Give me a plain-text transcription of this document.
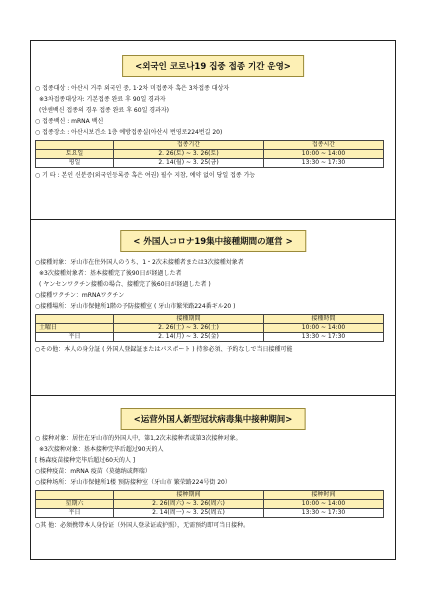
<외국인 코로나19 집중 접종 기간 운영>
○ 접종대상 : 아산시 거주 외국인 중, 1·2차 미접종자 혹은 3차접종 대상자
※3차접종대상자: 기본접종 완료 후 90일 경과자
(얀센백신 접종의 경우 접종 완료 후 60일 경과자)
○ 접종백신 : mRNA 백신
○ 접종장소 : 아산시보건소 1층 예방접종실(아산시 번영로224번길 20)
	접종기간	접종시간
토요일	2. 26(토) ~ 3. 26(토)	10:00 ~ 14:00
평일	2. 14(월) ~ 3. 25(금)	13:30 ~ 17:30
○ 기 타 : 본인 신분증(외국인등록증 혹은 여권) 필수 지참, 예약 없이 당일 접종 가능
< 外国人コロナ19集中接種期間の運営 >
○接種対象：牙山市在住外国人のうち、1・2次未接種者または3次接種対象者
※3次接種対象者：基本接種完了後90日が経過した者
( ヤンセンワクチン接種の場合、接種完了後60日が経過した者 )
○接種ワクチン：mRNAワクチン
○接種場所：牙山市保健所1階の予防接種室 ( 牙山市繁栄路224番ギル20 )
	接種期間	接種時間
土曜日	2. 26(土) ~ 3. 26(土)	10:00 ~ 14:00
平日	2. 14(月) ~ 3. 25(金)	13:30 ~ 17:30
○その他：本人の身分証 ( 外国人登録証またはパスポート ) 持参必須、予約なしで当日接種可能
<运营外国人新型冠状病毒集中接种期间>
○ 接种对象：居住在牙山市的外国人中，第1,2次未接种者或第3次接种对象。
※3次接种对象：基本接种完毕后超过90天的人
[ 杨森疫苗接种完毕后超过60天的人 ]
○接种疫苗：mRNA 疫苗（莫德纳或辉瑞）
○接种场所：牙山市保健所1楼 预防接种室（牙山市 繁荣路224号街 20）
	接种期间	接种时间
星期六	2. 26(周六) ~ 3. 26(周六)	10:00 ~ 14:00
平日	2. 14(周一) ~ 3. 25(周五)	13:30 ~ 17:30
○其 他：必须携带本人身份证（外国人登录证或护照），无需预约即可当日接种。
